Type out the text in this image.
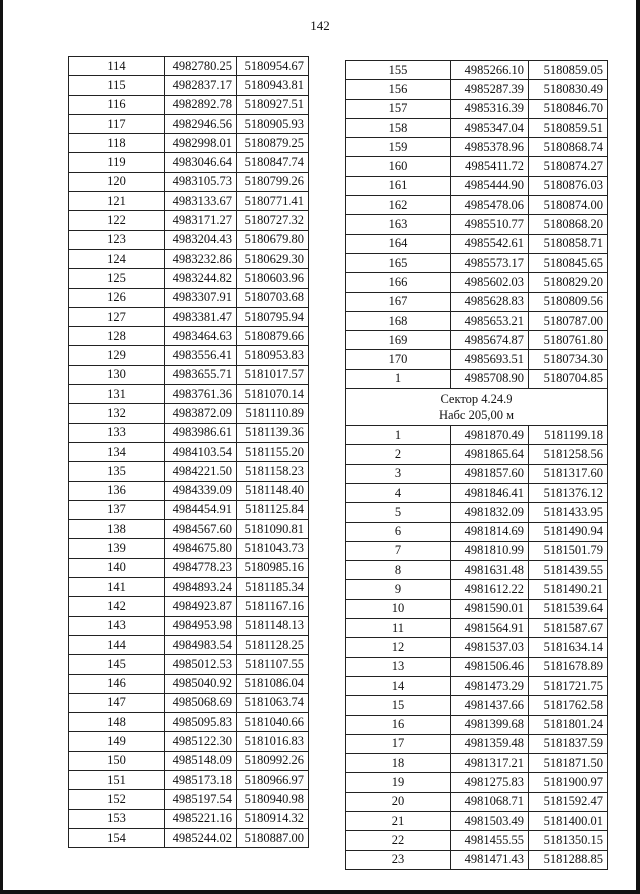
142
114	4982780.25	5180954.67
115	4982837.17	5180943.81
116	4982892.78	5180927.51
117	4982946.56	5180905.93
118	4982998.01	5180879.25
119	4983046.64	5180847.74
120	4983105.73	5180799.26
121	4983133.67	5180771.41
122	4983171.27	5180727.32
123	4983204.43	5180679.80
124	4983232.86	5180629.30
125	4983244.82	5180603.96
126	4983307.91	5180703.68
127	4983381.47	5180795.94
128	4983464.63	5180879.66
129	4983556.41	5180953.83
130	4983655.71	5181017.57
131	4983761.36	5181070.14
132	4983872.09	5181110.89
133	4983986.61	5181139.36
134	4984103.54	5181155.20
135	4984221.50	5181158.23
136	4984339.09	5181148.40
137	4984454.91	5181125.84
138	4984567.60	5181090.81
139	4984675.80	5181043.73
140	4984778.23	5180985.16
141	4984893.24	5181185.34
142	4984923.87	5181167.16
143	4984953.98	5181148.13
144	4984983.54	5181128.25
145	4985012.53	5181107.55
146	4985040.92	5181086.04
147	4985068.69	5181063.74
148	4985095.83	5181040.66
149	4985122.30	5181016.83
150	4985148.09	5180992.26
151	4985173.18	5180966.97
152	4985197.54	5180940.98
153	4985221.16	5180914.32
154	4985244.02	5180887.00
155	4985266.10	5180859.05
156	4985287.39	5180830.49
157	4985316.39	5180846.70
158	4985347.04	5180859.51
159	4985378.96	5180868.74
160	4985411.72	5180874.27
161	4985444.90	5180876.03
162	4985478.06	5180874.00
163	4985510.77	5180868.20
164	4985542.61	5180858.71
165	4985573.17	5180845.65
166	4985602.03	5180829.20
167	4985628.83	5180809.56
168	4985653.21	5180787.00
169	4985674.87	5180761.80
170	4985693.51	5180734.30
1	4985708.90	5180704.85

Сектор 4.24.9
Набс 205,00 м		

1	4981870.49	5181199.18
2	4981865.64	5181258.56
3	4981857.60	5181317.60
4	4981846.41	5181376.12
5	4981832.09	5181433.95
6	4981814.69	5181490.94
7	4981810.99	5181501.79
8	4981631.48	5181439.55
9	4981612.22	5181490.21
10	4981590.01	5181539.64
11	4981564.91	5181587.67
12	4981537.03	5181634.14
13	4981506.46	5181678.89
14	4981473.29	5181721.75
15	4981437.66	5181762.58
16	4981399.68	5181801.24
17	4981359.48	5181837.59
18	4981317.21	5181871.50
19	4981275.83	5181900.97
20	4981068.71	5181592.47
21	4981503.49	5181400.01
22	4981455.55	5181350.15
23	4981471.43	5181288.85
